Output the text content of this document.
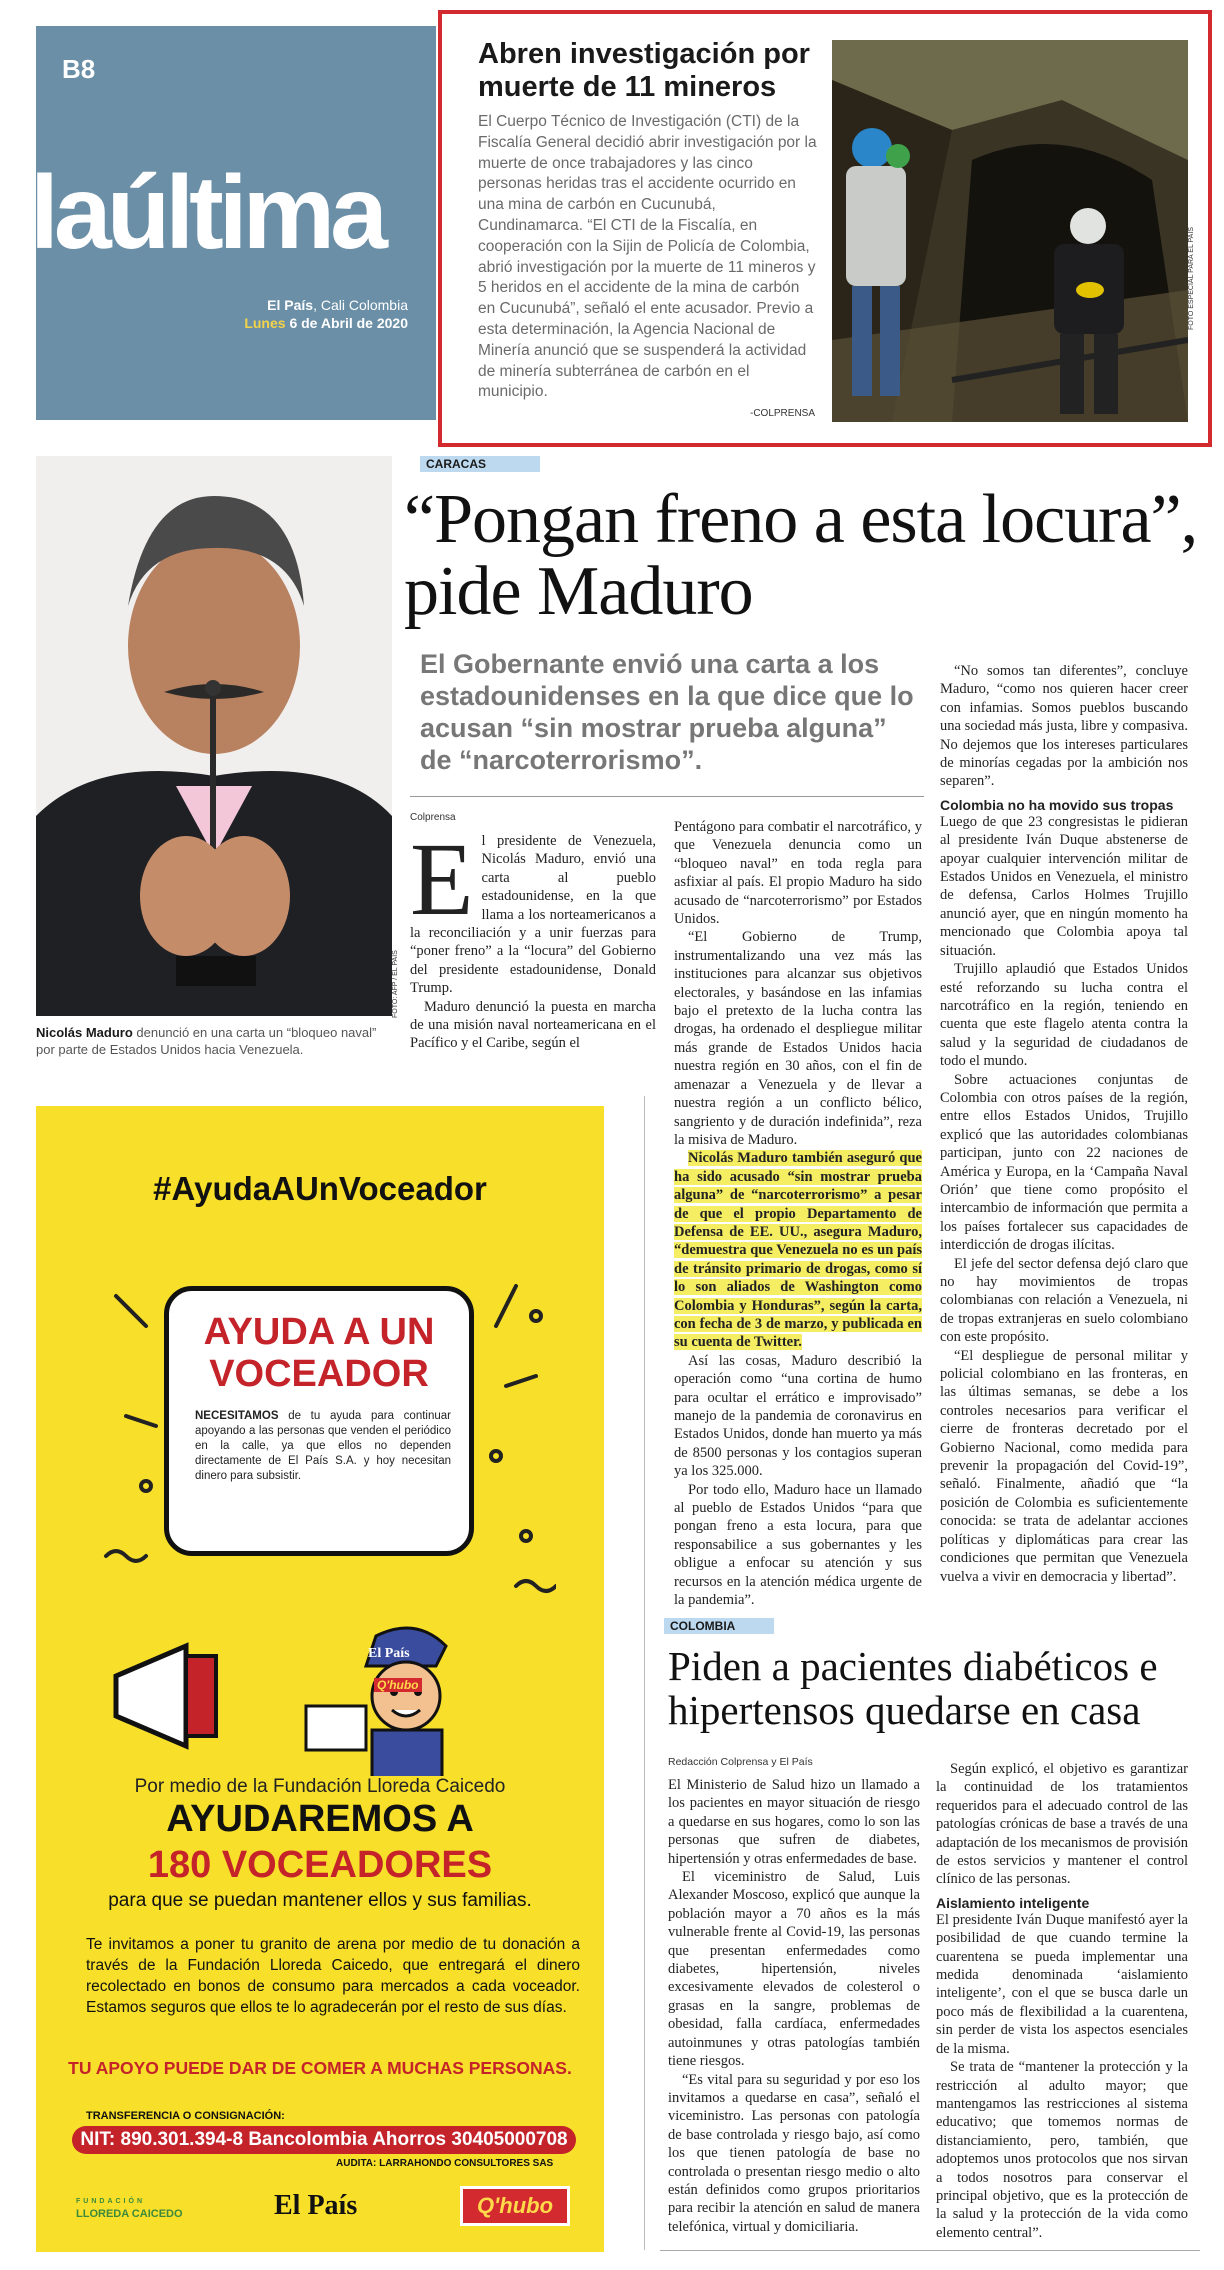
B8
laúltima
El País, Cali Colombia
Lunes 6 de Abril de 2020
Abren investigación por muerte de 11 mineros
El Cuerpo Técnico de Investigación (CTI) de la Fiscalía General decidió abrir investigación por la muerte de once trabajadores y las cinco personas heridas tras el accidente ocurrido en una mina de carbón en Cucunubá, Cundinamarca. “El CTI de la Fiscalía, en cooperación con la Sijin de Policía de Colombia, abrió investigación por la muerte de 11 mineros y 5 heridos en el accidente de la mina de carbón en Cucunubá”, señaló el ente acusador. Previo a esta determinación, la Agencia Nacional de Minería anunció que se suspenderá la actividad de minería subterránea de carbón en el municipio.
-COLPRENSA
FOTO ESPECIAL PARA EL PAÍS
FOTO: AFP / EL PAÍS
Nicolás Maduro denunció en una carta un “bloqueo naval” por parte de Estados Unidos hacia Venezuela.
CARACAS
“Pongan freno a esta locura”, pide Maduro
El Gobernante envió una carta a los estadounidenses en la que dice que lo acusan “sin mostrar prueba alguna” de “narcoterrorismo”.
Colprensa

El presidente de Venezuela, Nicolás Maduro, envió una carta al pueblo estadounidense, en la que llama a los norteamericanos a la reconciliación y a unir fuerzas para “poner freno” a la “locura” del Gobierno del presidente estadounidense, Donald Trump.

Maduro denunció la puesta en marcha de una misión naval norteamericana en el Pacífico y el Caribe, según el

Pentágono para combatir el narcotráfico, y que Venezuela denuncia como un “bloqueo naval” en toda regla para asfixiar al país. El propio Maduro ha sido acusado de “narcoterrorismo” por Estados Unidos.

“El Gobierno de Trump, instrumentalizando una vez más las instituciones para alcanzar sus objetivos electorales, y basándose en las infamias bajo el pretexto de la lucha contra las drogas, ha ordenado el despliegue militar más grande de Estados Unidos hacia nuestra región en 30 años, con el fin de amenazar a Venezuela y de llevar a nuestra región a un conflicto bélico, sangriento y de duración indefinida”, reza la misiva de Maduro.

Nicolás Maduro también aseguró que ha sido acusado “sin mostrar prueba alguna” de “narcoterrorismo” a pesar de que el propio Departamento de Defensa de EE. UU., asegura Maduro, “demuestra que Venezuela no es un país de tránsito primario de drogas, como sí lo son aliados de Washington como Colombia y Honduras”, según la carta, con fecha de 3 de marzo, y publicada en su cuenta de Twitter.

Así las cosas, Maduro describió la operación como “una cortina de humo para ocultar el errático e improvisado” manejo de la pandemia de coronavirus en Estados Unidos, donde han muerto ya más de 8500 personas y los contagios superan ya los 325.000.

Por todo ello, Maduro hace un llamado al pueblo de Estados Unidos “para que pongan freno a esta locura, para que responsabilice a sus gobernantes y les obligue a enfocar su atención y sus recursos en la atención médica urgente de la pandemia”.

“No somos tan diferentes”, concluye Maduro, “como nos quieren hacer creer con infamias. Somos pueblos buscando una sociedad más justa, libre y compasiva. No dejemos que los intereses particulares de minorías cegadas por la ambición nos separen”.

Colombia no ha movido sus tropas

Luego de que 23 congresistas le pidieran al presidente Iván Duque abstenerse de apoyar cualquier intervención militar de Estados Unidos en Venezuela, el ministro de defensa, Carlos Holmes Trujillo anunció ayer, que en ningún momento ha mencionado que Colombia apoya tal situación.

Trujillo aplaudió que Estados Unidos esté reforzando su lucha contra el narcotráfico en la región, teniendo en cuenta que este flagelo atenta contra la salud y la seguridad de ciudadanos de todo el mundo.

Sobre actuaciones conjuntas de Colombia con otros países de la región, entre ellos Estados Unidos, Trujillo explicó que las autoridades colombianas participan, junto con 22 naciones de América y Europa, en la ‘Campaña Naval Orión’ que tiene como propósito el intercambio de información que permita a los países fortalecer sus capacidades de interdicción de drogas ilícitas.

El jefe del sector defensa dejó claro que no hay movimientos de tropas colombianas con relación a Venezuela, ni de tropas extranjeras en suelo colombiano con este propósito.

“El despliegue de personal militar y policial colombiano en las fronteras, en las últimas semanas, se debe a los controles necesarios para verificar el cierre de fronteras decretado por el Gobierno Nacional, como medida para prevenir la propagación del Covid-19”, señaló. Finalmente, añadió que “la posición de Colombia es suficientemente conocida: se trata de adelantar acciones políticas y diplomáticas para crear las condiciones que permitan que Venezuela vuelva a vivir en democracia y libertad”.

#AyudaAUnVoceador
AYUDA A UN VOCEADOR
NECESITAMOS de tu ayuda para continuar apoyando a las personas que venden el periódico en la calle, ya que ellos no dependen directamente de El País S.A. y hoy necesitan dinero para subsistir.
El País
Q'hubo
Por medio de la Fundación Lloreda Caicedo
AYUDAREMOS A
180 VOCEADORES
para que se puedan mantener ellos y sus familias.
Te invitamos a poner tu granito de arena por medio de tu donación a través de la Fundación Lloreda Caicedo, que entregará el dinero recolectado en bonos de consumo para mercados a cada voceador. Estamos seguros que ellos te lo agradecerán por el resto de sus días.
TU APOYO PUEDE DAR DE COMER A MUCHAS PERSONAS.
TRANSFERENCIA O CONSIGNACIÓN:
NIT: 890.301.394-8 Bancolombia Ahorros 30405000708
AUDITA: LARRAHONDO CONSULTORES SAS
FUNDACIÓN
LLOREDA CAICEDO	El País	Q'hubo
COLOMBIA
Piden a pacientes diabéticos e hipertensos quedarse en casa
Redacción Colprensa y El País

El Ministerio de Salud hizo un llamado a los pacientes en mayor situación de riesgo a quedarse en sus hogares, como lo son las personas que sufren de diabetes, hipertensión y otras enfermedades de base.

El viceministro de Salud, Luis Alexander Moscoso, explicó que aunque la población mayor a 70 años es la más vulnerable frente al Covid-19, las personas que presentan enfermedades como diabetes, hipertensión, niveles excesivamente elevados de colesterol o grasas en la sangre, problemas de obesidad, falla cardíaca, enfermedades autoinmunes y otras patologías también tiene riesgos.

“Es vital para su seguridad y por eso los invitamos a quedarse en casa”, señaló el viceministro. Las personas con patología de base controlada y riesgo bajo, así como los que tienen patología de base no controlada o presentan riesgo medio o alto están definidos como grupos prioritarios para recibir la atención en salud de manera telefónica, virtual y domiciliaria.

Según explicó, el objetivo es garantizar la continuidad de los tratamientos requeridos para el adecuado control de las patologías crónicas de base a través de una adaptación de los mecanismos de provisión de estos servicios y mantener el control clínico de las personas.

Aislamiento inteligente

El presidente Iván Duque manifestó ayer la posibilidad de que cuando termine la cuarentena se pueda implementar una medida denominada ‘aislamiento inteligente’, con el que se busca darle un poco más de flexibilidad a la cuarentena, sin perder de vista los aspectos esenciales de la misma.

Se trata de “mantener la protección y la restricción al adulto mayor; que mantengamos las restricciones al sistema educativo; que tomemos normas de distanciamiento, pero, también, que adoptemos unos protocolos que nos sirvan a todos nosotros para conservar el principal objetivo, que es la protección de la salud y la protección de la vida como elemento central”.
